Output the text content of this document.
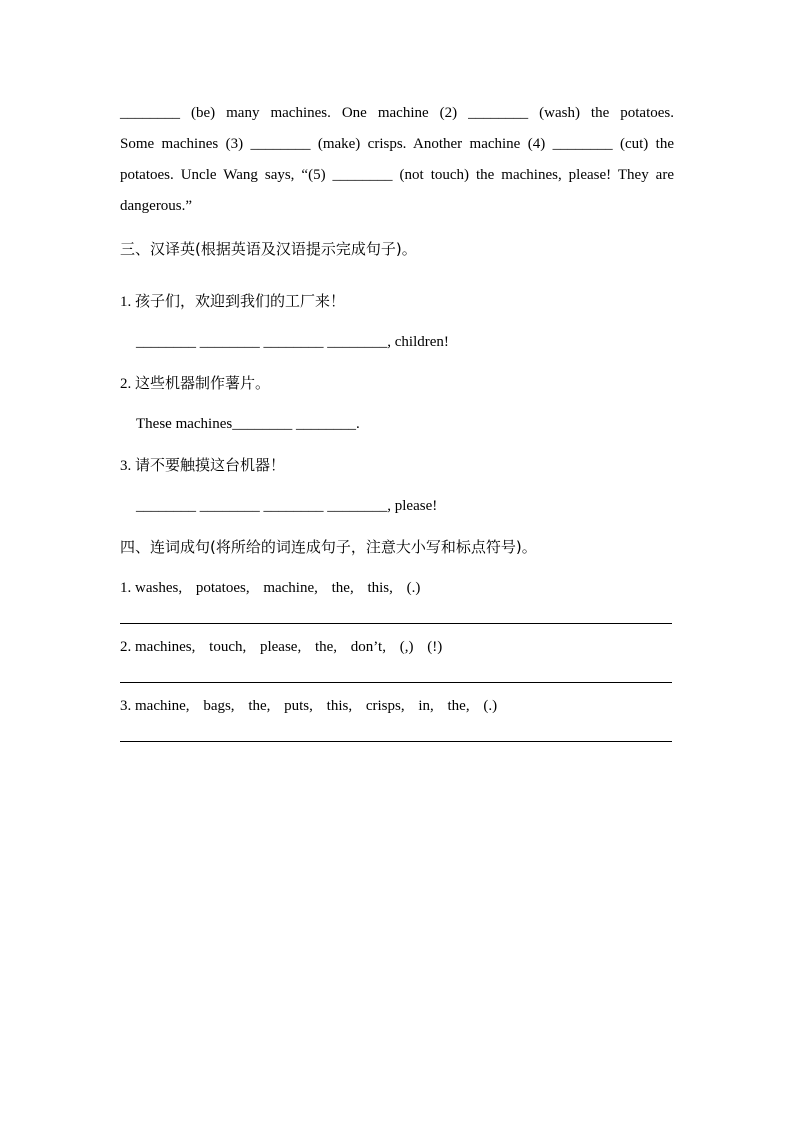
________ (be) many machines. One machine (2) ________ (wash) the potatoes.
Some machines (3) ________ (make) crisps. Another machine (4) ________ (cut) the
potatoes. Uncle Wang says, “(5) ________ (not touch) the machines, please! They are
dangerous.”
三、汉译英(根据英语及汉语提示完成句子)。
1. 孩子们，欢迎到我们的工厂来！
________ ________ ________ ________, children!
2. 这些机器制作薯片。
These machines________ ________.
3. 请不要触摸这台机器！
________ ________ ________ ________, please!
四、连词成句(将所给的词连成句子，注意大小写和标点符号)。
1. washes, potatoes, machine, the, this, (.)
2. machines, touch, please, the, don’t, (,) (!)
3. machine, bags, the, puts, this, crisps, in, the, (.)
